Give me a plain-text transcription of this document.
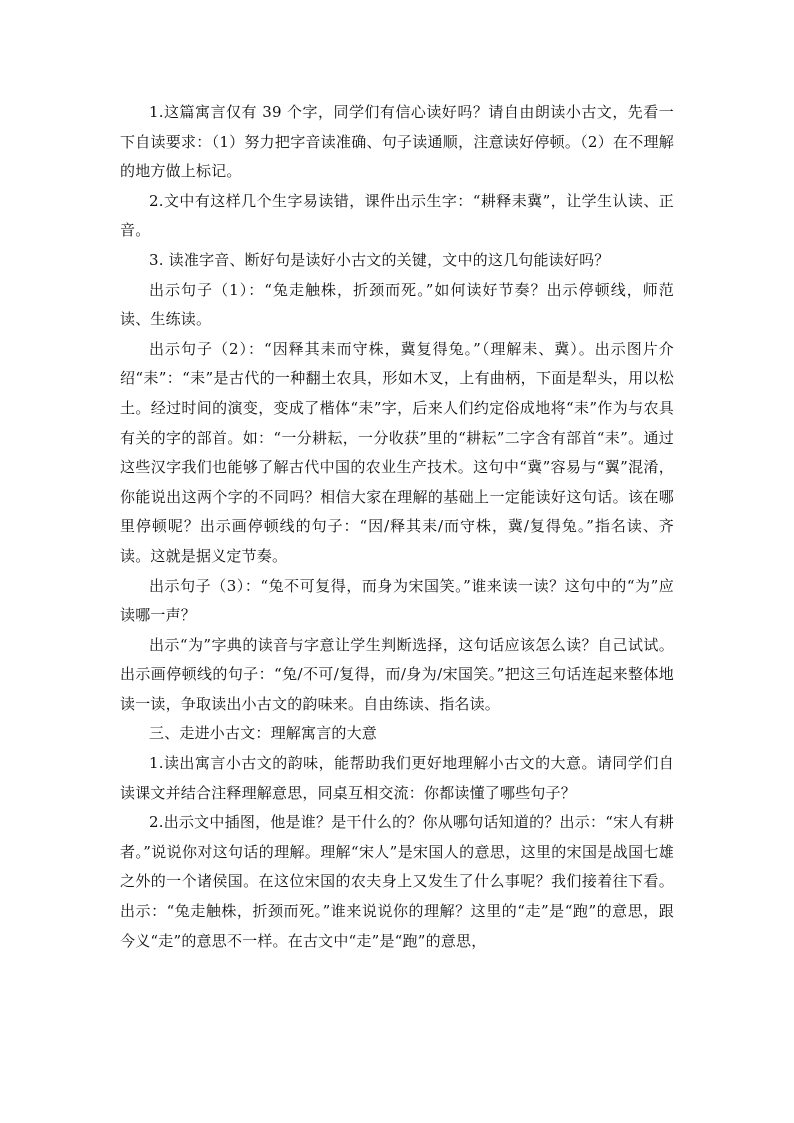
1.这篇寓言仅有 39 个字，同学们有信心读好吗？请自由朗读小古文，先看一下自读要求：（1）努力把字音读准确、句子读通顺，注意读好停顿。（2）在不理解的地方做上标记。

2.文中有这样几个生字易读错，课件出示生字：“耕释耒冀”，让学生认读、正音。

3. 读准字音、断好句是读好小古文的关键，文中的这几句能读好吗？

出示句子（1）：“兔走触株，折颈而死。”如何读好节奏？出示停顿线，师范读、生练读。

出示句子（2）：“因释其耒而守株，冀复得兔。”（理解耒、冀）。出示图片介绍“耒”：“耒”是古代的一种翻土农具，形如木叉，上有曲柄，下面是犁头，用以松土。经过时间的演变，变成了楷体“耒”字，后来人们约定俗成地将“耒”作为与农具有关的字的部首。如：“一分耕耘，一分收获”里的“耕耘”二字含有部首“耒”。通过这些汉字我们也能够了解古代中国的农业生产技术。这句中“冀”容易与“翼”混淆，你能说出这两个字的不同吗？相信大家在理解的基础上一定能读好这句话。该在哪里停顿呢？出示画停顿线的句子：“因/释其耒/而守株，冀/复得兔。”指名读、齐读。这就是据义定节奏。

出示句子（3）：“兔不可复得，而身为宋国笑。”谁来读一读？这句中的“为”应读哪一声？

出示“为”字典的读音与字意让学生判断选择，这句话应该怎么读？自己试试。出示画停顿线的句子：“兔/不可/复得，而/身为/宋国笑。”把这三句话连起来整体地读一读，争取读出小古文的韵味来。自由练读、指名读。

三、走进小古文：理解寓言的大意

1.读出寓言小古文的韵味，能帮助我们更好地理解小古文的大意。请同学们自读课文并结合注释理解意思，同桌互相交流：你都读懂了哪些句子？

2.出示文中插图，他是谁？是干什么的？你从哪句话知道的？出示：“宋人有耕者。”说说你对这句话的理解。理解“宋人”是宋国人的意思，这里的宋国是战国七雄之外的一个诸侯国。在这位宋国的农夫身上又发生了什么事呢？我们接着往下看。出示：“兔走触株，折颈而死。”谁来说说你的理解？这里的“走”是“跑”的意思，跟今义“走”的意思不一样。在古文中“走”是“跑”的意思，
